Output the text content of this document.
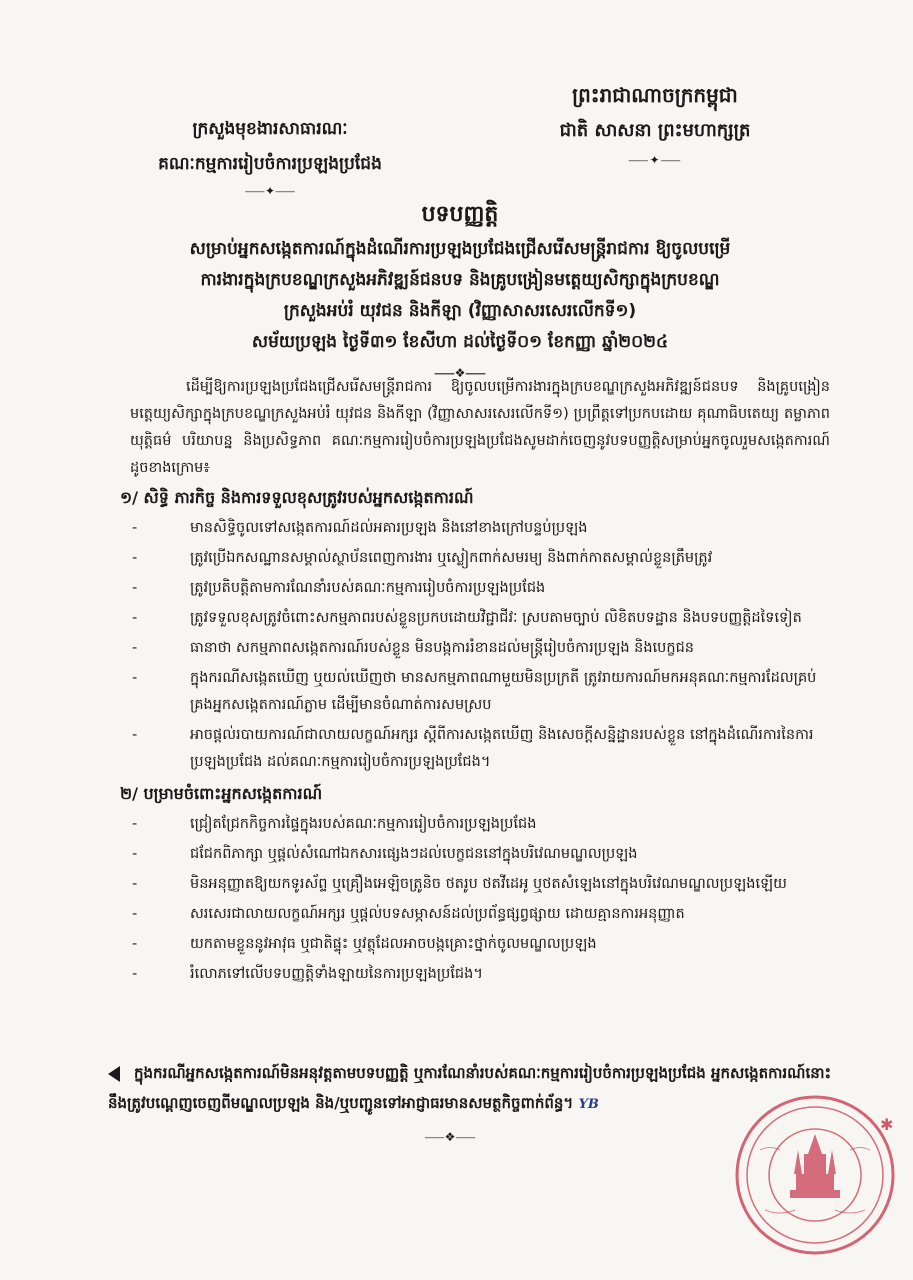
ព្រះរាជាណាចក្រកម្ពុជា
ជាតិ សាសនា ព្រះមហាក្សត្រ
⸺✦⸺
ក្រសួងមុខងារសាធារណៈ
គណៈកម្មការរៀបចំការប្រឡងប្រជែង
⸺✦⸺
បទបញ្ញត្តិ
សម្រាប់អ្នកសង្កេតការណ៍ក្នុងដំណើរការប្រឡងប្រជែងជ្រើសរើសមន្ត្រីរាជការ ឱ្យចូលបម្រើ
ការងារក្នុងក្របខណ្ឌក្រសួងអភិវឌ្ឍន៍ជនបទ និងគ្រូបង្រៀនមត្តេយ្យសិក្សាក្នុងក្របខណ្ឌ
ក្រសួងអប់រំ យុវជន និងកីឡា (វិញ្ញាសាសរសេរលើកទី១)
សម័យប្រឡង ថ្ងៃទី៣១ ខែសីហា ដល់ថ្ងៃទី០១ ខែកញ្ញា ឆ្នាំ២០២៤
⸺❖⸺
ដើម្បីឱ្យការប្រឡងប្រជែងជ្រើសរើសមន្ត្រីរាជការ ឱ្យចូលបម្រើការងារក្នុងក្របខណ្ឌក្រសួងអភិវឌ្ឍន៍ជនបទ និងគ្រូបង្រៀនមត្តេយ្យសិក្សាក្នុងក្របខណ្ឌក្រសួងអប់រំ យុវជន និងកីឡា (វិញ្ញាសាសរសេរលើកទី១) ប្រព្រឹត្តទៅប្រកបដោយ គុណាធិបតេយ្យ តម្លាភាព យុត្តិធម៌ បរិយាបន្ន និងប្រសិទ្ធភាព គណៈកម្មការរៀបចំការប្រឡងប្រជែងសូមដាក់ចេញនូវបទបញ្ញត្តិសម្រាប់អ្នកចូលរួមសង្កេតការណ៍ដូចខាងក្រោម៖
១/ សិទ្ធិ ភារកិច្ច និងការទទួលខុសត្រូវរបស់អ្នកសង្កេតការណ៍
- មានសិទ្ធិចូលទៅសង្កេតការណ៍ដល់អគារប្រឡង និងនៅខាងក្រៅបន្ទប់ប្រឡង
- ត្រូវប្រើឯកសណ្ឋានសម្គាល់ស្ថាប័នពេញការងារ ឬស្លៀកពាក់សមរម្យ និងពាក់កាតសម្គាល់ខ្លួនត្រឹមត្រូវ
- ត្រូវប្រតិបត្តិតាមការណែនាំរបស់គណៈកម្មការរៀបចំការប្រឡងប្រជែង
- ត្រូវទទួលខុសត្រូវចំពោះសកម្មភាពរបស់ខ្លួនប្រកបដោយវិជ្ជាជីវៈ ស្របតាមច្បាប់ លិខិតបទដ្ឋាន និងបទបញ្ញត្តិដទៃទៀត
- ធានាថា សកម្មភាពសង្កេតការណ៍របស់ខ្លួន មិនបង្កការរំខានដល់មន្ត្រីរៀបចំការប្រឡង និងបេក្ខជន
- ក្នុងករណីសង្កេតឃើញ ឬយល់ឃើញថា មានសកម្មភាពណាមួយមិនប្រក្រតី ត្រូវរាយការណ៍មកអនុគណៈកម្មការដែលគ្រប់គ្រងអ្នកសង្កេតការណ៍ភ្លាម ដើម្បីមានចំណាត់ការសមស្រប
- អាចផ្តល់របាយការណ៍ជាលាយលក្ខណ៍អក្សរ ស្តីពីការសង្កេតឃើញ និងសេចក្តីសន្និដ្ឋានរបស់ខ្លួន នៅក្នុងដំណើរការនៃការប្រឡងប្រជែង ដល់គណៈកម្មការរៀបចំការប្រឡងប្រជែង។
២/ បម្រាមចំពោះអ្នកសង្កេតការណ៍
- ជ្រៀតជ្រែកកិច្ចការផ្ទៃក្នុងរបស់គណៈកម្មការរៀបចំការប្រឡងប្រជែង
- ជជែកពិភាក្សា ឬផ្តល់សំណៅឯកសារផ្សេងៗដល់បេក្ខជននៅក្នុងបរិវេណមណ្ឌលប្រឡង
- មិនអនុញ្ញាតឱ្យយកទូរស័ព្ទ ឬគ្រឿងអេឡិចត្រូនិច ថតរូប ថតវីដេអូ ឬថតសំឡេងនៅក្នុងបរិវេណមណ្ឌលប្រឡងឡើយ
- សរសេរជាលាយលក្ខណ៍អក្សរ ឬផ្តល់បទសម្ភាសន៍ដល់ប្រព័ន្ធផ្សព្វផ្សាយ ដោយគ្មានការអនុញ្ញាត
- យកតាមខ្លួននូវអាវុធ ឬជាតិផ្ទុះ ឬវត្ថុដែលអាចបង្កគ្រោះថ្នាក់ចូលមណ្ឌលប្រឡង
- រំលោភទៅលើបទបញ្ញត្តិទាំងឡាយនៃការប្រឡងប្រជែង។
ក្នុងករណីអ្នកសង្កេតការណ៍មិនអនុវត្តតាមបទបញ្ញត្តិ ឬការណែនាំរបស់គណៈកម្មការរៀបចំការប្រឡងប្រជែង អ្នកសង្កេតការណ៍នោះនឹងត្រូវបណ្តេញចេញពីមណ្ឌលប្រឡង និង/ឬបញ្ជូនទៅអាជ្ញាធរមានសមត្ថកិច្ចពាក់ព័ន្ធ។ YB
⸺❖⸺
✱
